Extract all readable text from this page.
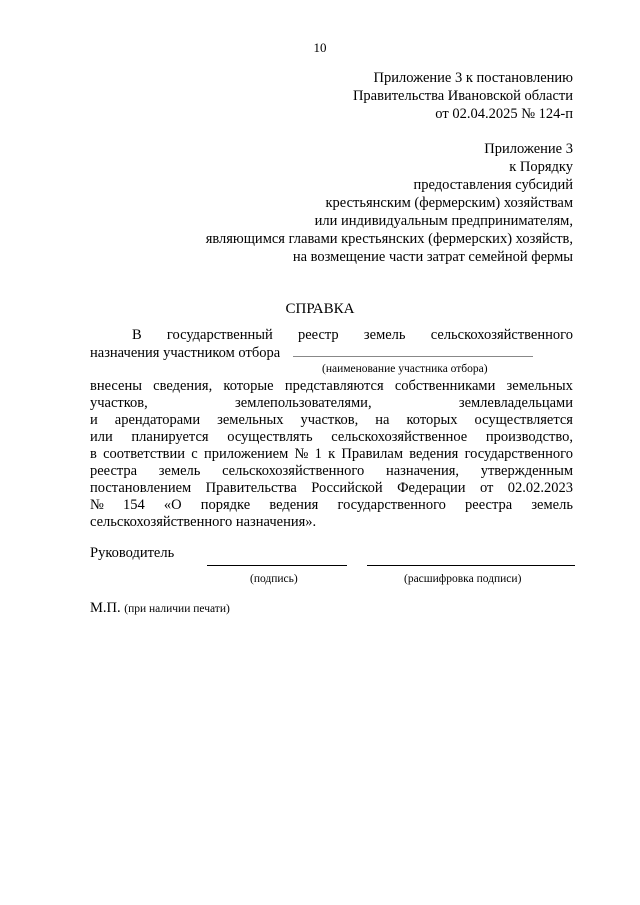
10
Приложение 3 к постановлению
Правительства Ивановской области
от 02.04.2025 № 124-п
Приложение 3
к Порядку
предоставления субсидий
крестьянским (фермерским) хозяйствам
или индивидуальным предпринимателям,
являющимся главами крестьянских (фермерских) хозяйств,
на возмещение части затрат семейной фермы
СПРАВКА
В государственный реестр земель сельскохозяйственного
назначения участником отбора
(наименование участника отбора)
внесены сведения, которые представляются собственниками земельных
участков,	землепользователями,	землевладельцами
и арендаторами земельных участков, на которых осуществляется
или планируется осуществлять сельскохозяйственное производство,
в соответствии с приложением № 1 к Правилам ведения государственного
реестра земель сельскохозяйственного назначения, утвержденным
постановлением Правительства Российской Федерации от 02.02.2023
№ 154 «О порядке ведения государственного реестра земель
сельскохозяйственного назначения».
Руководитель
(подпись)	(расшифровка подписи)
М.П. (при наличии печати)
